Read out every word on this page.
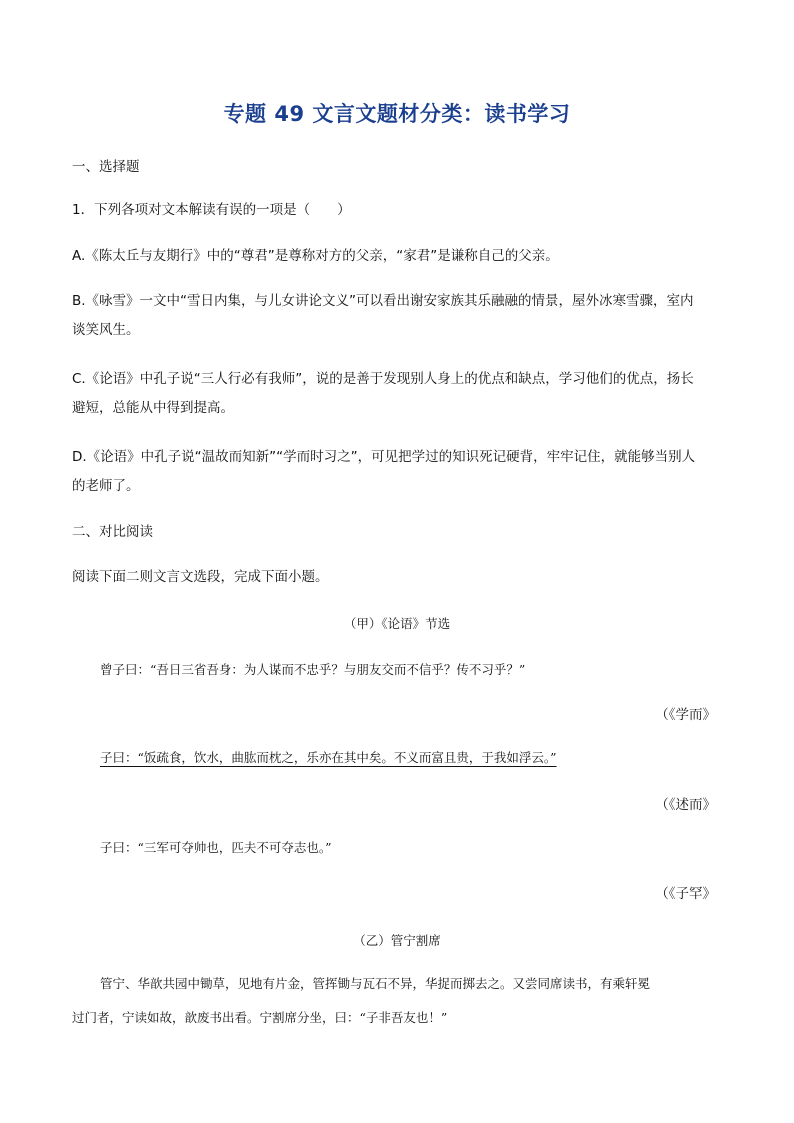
专题 49 文言文题材分类：读书学习

一、选择题

1．下列各项对文本解读有误的一项是（　　）

A.《陈太丘与友期行》中的“尊君”是尊称对方的父亲，“家君”是谦称自己的父亲。

B.《咏雪》一文中“雪日内集，与儿女讲论文义”可以看出谢安家族其乐融融的情景，屋外冰寒雪骤，室内

谈笑风生。

C.《论语》中孔子说“三人行必有我师”，说的是善于发现别人身上的优点和缺点，学习他们的优点，扬长

避短，总能从中得到提高。

D.《论语》中孔子说“温故而知新”“学而时习之”，可见把学过的知识死记硬背，牢牢记住，就能够当别人

的老师了。

二、对比阅读

阅读下面二则文言文选段，完成下面小题。

（甲）《论语》节选

曾子曰：“吾日三省吾身：为人谋而不忠乎？与朋友交而不信乎？传不习乎？”

（《学而》

子曰：“饭疏食，饮水，曲肱而枕之，乐亦在其中矣。不义而富且贵，于我如浮云。”

（《述而》

子曰：“三军可夺帅也，匹夫不可夺志也。”

（《子罕》

（乙）管宁割席

管宁、华歆共园中锄草，见地有片金，管挥锄与瓦石不异，华捉而掷去之。又尝同席读书，有乘轩冕

过门者，宁读如故，歆废书出看。宁割席分坐，曰：“子非吾友也！”
